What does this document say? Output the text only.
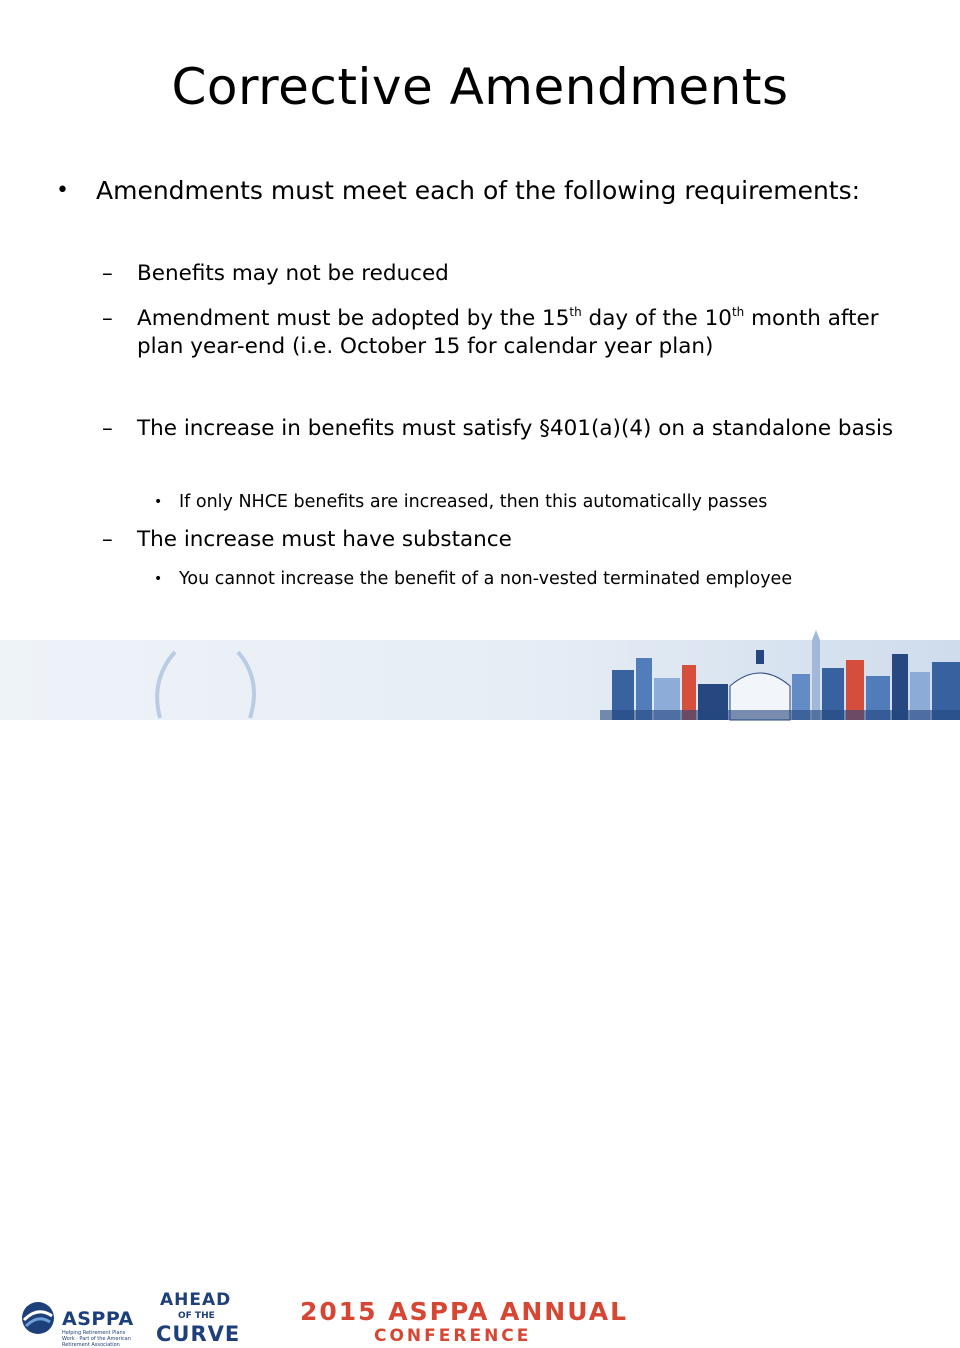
Corrective Amendments
• Amendments must meet each of the following requirements:
– Benefits may not be reduced
– Amendment must be adopted by the 15th day of the 10th month after plan year-end (i.e. October 15 for calendar year plan)
– The increase in benefits must satisfy §401(a)(4) on a standalone basis
• If only NHCE benefits are increased, then this automatically passes
– The increase must have substance
• You cannot increase the benefit of a non-vested terminated employee
ASPPA
Helping Retirement Plans Work · Part of the American Retirement Association
AHEAD
OF THE
CURVE
2015 ASPPA ANNUAL
CONFERENCE
